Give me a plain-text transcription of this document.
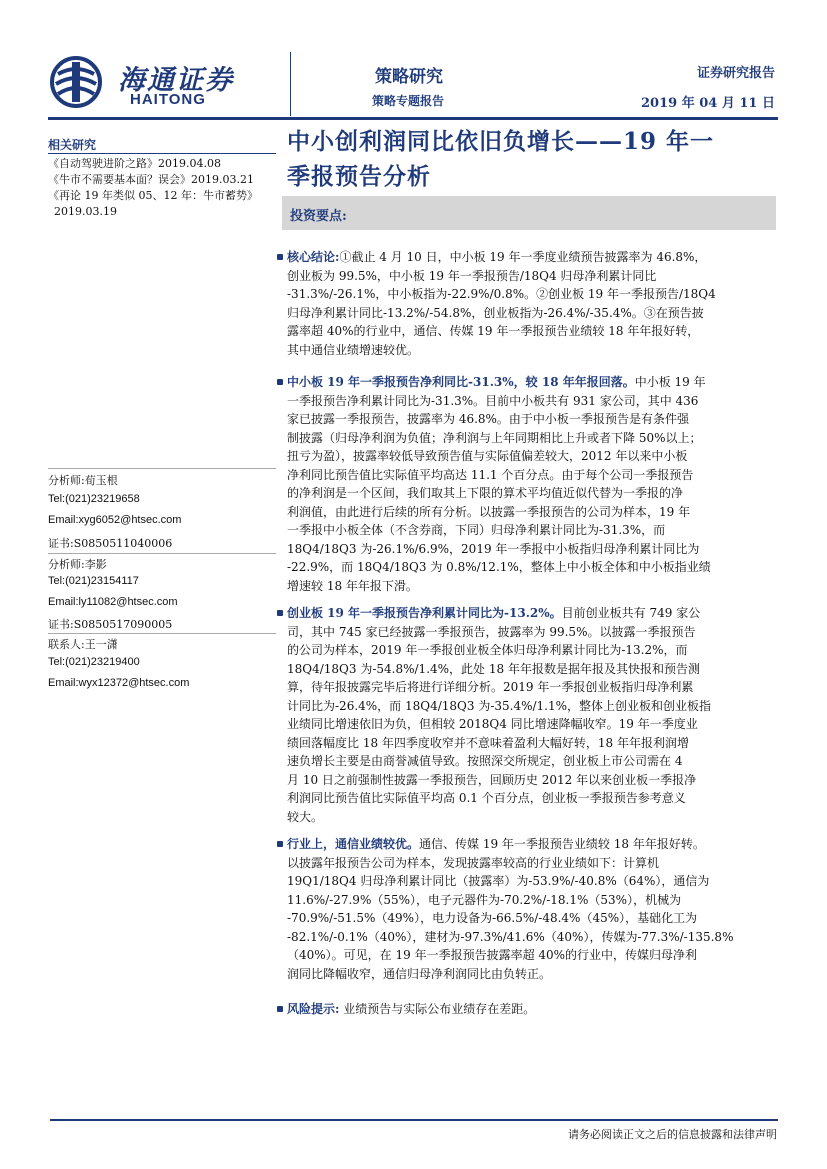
海通证券
HAITONG
策略研究
策略专题报告
证券研究报告
2019 年 04 月 11 日
相关研究
《自动驾驶进阶之路》2019.04.08
《牛市不需要基本面？误会》2019.03.21
《再论 19 年类似 05、12 年：牛市蓄势》
2019.03.19
分析师:荀玉根
Tel:(021)23219658
Email:xyg6052@htsec.com
证书:S0850511040006
分析师:李影
Tel:(021)23154117
Email:ly11082@htsec.com
证书:S0850517090005
联系人:王一潇
Tel:(021)23219400
Email:wyx12372@htsec.com
中小创利润同比依旧负增长——19 年一
季报预告分析
投资要点:
核心结论:①截止 4 月 10 日，中小板 19 年一季度业绩预告披露率为 46.8%，
创业板为 99.5%，中小板 19 年一季报预告/18Q4 归母净利累计同比
-31.3%/-26.1%，中小板指为-22.9%/0.8%。②创业板 19 年一季报预告/18Q4
归母净利累计同比-13.2%/-54.8%，创业板指为-26.4%/-35.4%。③在预告披
露率超 40%的行业中，通信、传媒 19 年一季报预告业绩较 18 年年报好转，
其中通信业绩增速较优。
中小板 19 年一季报预告净利同比-31.3%，较 18 年年报回落。中小板 19 年
一季报预告净利累计同比为-31.3%。目前中小板共有 931 家公司，其中 436
家已披露一季报预告，披露率为 46.8%。由于中小板一季报预告是有条件强
制披露（归母净利润为负值；净利润与上年同期相比上升或者下降 50%以上；
扭亏为盈），披露率较低导致预告值与实际值偏差较大，2012 年以来中小板
净利同比预告值比实际值平均高达 11.1 个百分点。由于每个公司一季报预告
的净利润是一个区间，我们取其上下限的算术平均值近似代替为一季报的净
利润值，由此进行后续的所有分析。以披露一季报预告的公司为样本，19 年
一季报中小板全体（不含券商，下同）归母净利累计同比为-31.3%，而
18Q4/18Q3 为-26.1%/6.9%，2019 年一季报中小板指归母净利累计同比为
-22.9%，而 18Q4/18Q3 为 0.8%/12.1%，整体上中小板全体和中小板指业绩
增速较 18 年年报下滑。
创业板 19 年一季报预告净利累计同比为-13.2%。目前创业板共有 749 家公
司，其中 745 家已经披露一季报预告，披露率为 99.5%。以披露一季报预告
的公司为样本，2019 年一季报创业板全体归母净利累计同比为-13.2%，而
18Q4/18Q3 为-54.8%/1.4%，此处 18 年年报数是据年报及其快报和预告测
算，待年报披露完毕后将进行详细分析。2019 年一季报创业板指归母净利累
计同比为-26.4%，而 18Q4/18Q3 为-35.4%/1.1%，整体上创业板和创业板指
业绩同比增速依旧为负，但相较 2018Q4 同比增速降幅收窄。19 年一季度业
绩回落幅度比 18 年四季度收窄并不意味着盈利大幅好转，18 年年报利润增
速负增长主要是由商誉减值导致。按照深交所规定，创业板上市公司需在 4
月 10 日之前强制性披露一季报预告，回顾历史 2012 年以来创业板一季报净
利润同比预告值比实际值平均高 0.1 个百分点，创业板一季报预告参考意义
较大。
行业上，通信业绩较优。通信、传媒 19 年一季报预告业绩较 18 年年报好转。
以披露年报预告公司为样本，发现披露率较高的行业业绩如下：计算机
19Q1/18Q4 归母净利累计同比（披露率）为-53.9%/-40.8%（64%），通信为
11.6%/-27.9%（55%），电子元器件为-70.2%/-18.1%（53%），机械为
-70.9%/-51.5%（49%），电力设备为-66.5%/-48.4%（45%），基础化工为
-82.1%/-0.1%（40%），建材为-97.3%/41.6%（40%），传媒为-77.3%/-135.8%
（40%）。可见，在 19 年一季报预告披露率超 40%的行业中，传媒归母净利
润同比降幅收窄，通信归母净利润同比由负转正。
风险提示: 业绩预告与实际公布业绩存在差距。
请务必阅读正文之后的信息披露和法律声明
